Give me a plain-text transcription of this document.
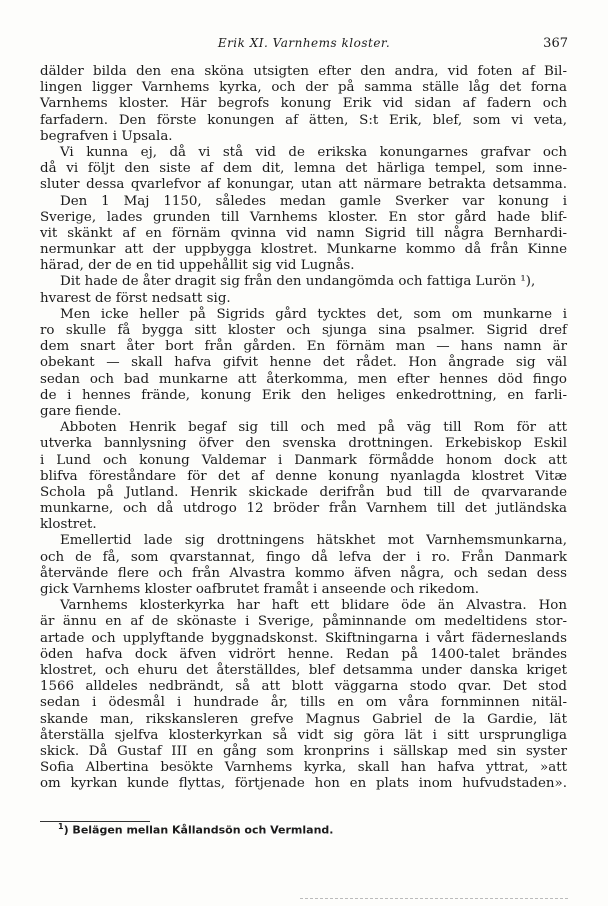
Erik XI. Varnhems kloster.	367
dälder bilda den ena sköna utsigten efter den andra, vid foten af Bil-
lingen ligger Varnhems kyrka, och der på samma ställe låg det forna
Varnhems kloster. Här begrofs konung Erik vid sidan af fadern och
farfadern. Den förste konungen af ätten, S:t Erik, blef, som vi veta,
begrafven i Upsala.
Vi kunna ej, då vi stå vid de erikska konungarnes grafvar och
då vi följt den siste af dem dit, lemna det härliga tempel, som inne-
sluter dessa qvarlefvor af konungar, utan att närmare betrakta detsamma.
Den 1 Maj 1150, således medan gamle Sverker var konung i
Sverige, lades grunden till Varnhems kloster. En stor gård hade blif-
vit skänkt af en förnäm qvinna vid namn Sigrid till några Bernhardi-
nermunkar att der uppbygga klostret. Munkarne kommo då från Kinne
härad, der de en tid uppehållit sig vid Lugnås.
Dit hade de åter dragit sig från den undangömda och fattiga Lurön ¹),
hvarest de först nedsatt sig.
Men icke heller på Sigrids gård tycktes det, som om munkarne i
ro skulle få bygga sitt kloster och sjunga sina psalmer. Sigrid dref
dem snart åter bort från gården. En förnäm man — hans namn är
obekant — skall hafva gifvit henne det rådet. Hon ångrade sig väl
sedan och bad munkarne att återkomma, men efter hennes död fingo
de i hennes frände, konung Erik den heliges enkedrottning, en farli-
gare fiende.
Abboten Henrik begaf sig till och med på väg till Rom för att
utverka bannlysning öfver den svenska drottningen. Erkebiskop Eskil
i Lund och konung Valdemar i Danmark förmådde honom dock att
blifva föreståndare för det af denne konung nyanlagda klostret Vitæ
Schola på Jutland. Henrik skickade derifrån bud till de qvarvarande
munkarne, och då utdrogo 12 bröder från Varnhem till det jutländska
klostret.
Emellertid lade sig drottningens hätskhet mot Varnhemsmunkarna,
och de få, som qvarstannat, fingo då lefva der i ro. Från Danmark
återvände flere och från Alvastra kommo äfven några, och sedan dess
gick Varnhems kloster oafbrutet framåt i anseende och rikedom.
Varnhems klosterkyrka har haft ett blidare öde än Alvastra. Hon
är ännu en af de skönaste i Sverige, påminnande om medeltidens stor-
artade och upplyftande byggnadskonst. Skiftningarna i vårt fäderneslands
öden hafva dock äfven vidrört henne. Redan på 1400-talet brändes
klostret, och ehuru det återställdes, blef detsamma under danska kriget
1566 alldeles nedbrändt, så att blott väggarna stodo qvar. Det stod
sedan i ödesmål i hundrade år, tills en om våra fornminnen nitäl-
skande man, rikskansleren grefve Magnus Gabriel de la Gardie, lät
återställa sjelfva klosterkyrkan så vidt sig göra lät i sitt ursprungliga
skick. Då Gustaf III en gång som kronprins i sällskap med sin syster
Sofia Albertina besökte Varnhems kyrka, skall han hafva yttrat, »att
om kyrkan kunde flyttas, förtjenade hon en plats inom hufvudstaden».
$^1$) Belägen mellan Kållandsön och Vermland.
